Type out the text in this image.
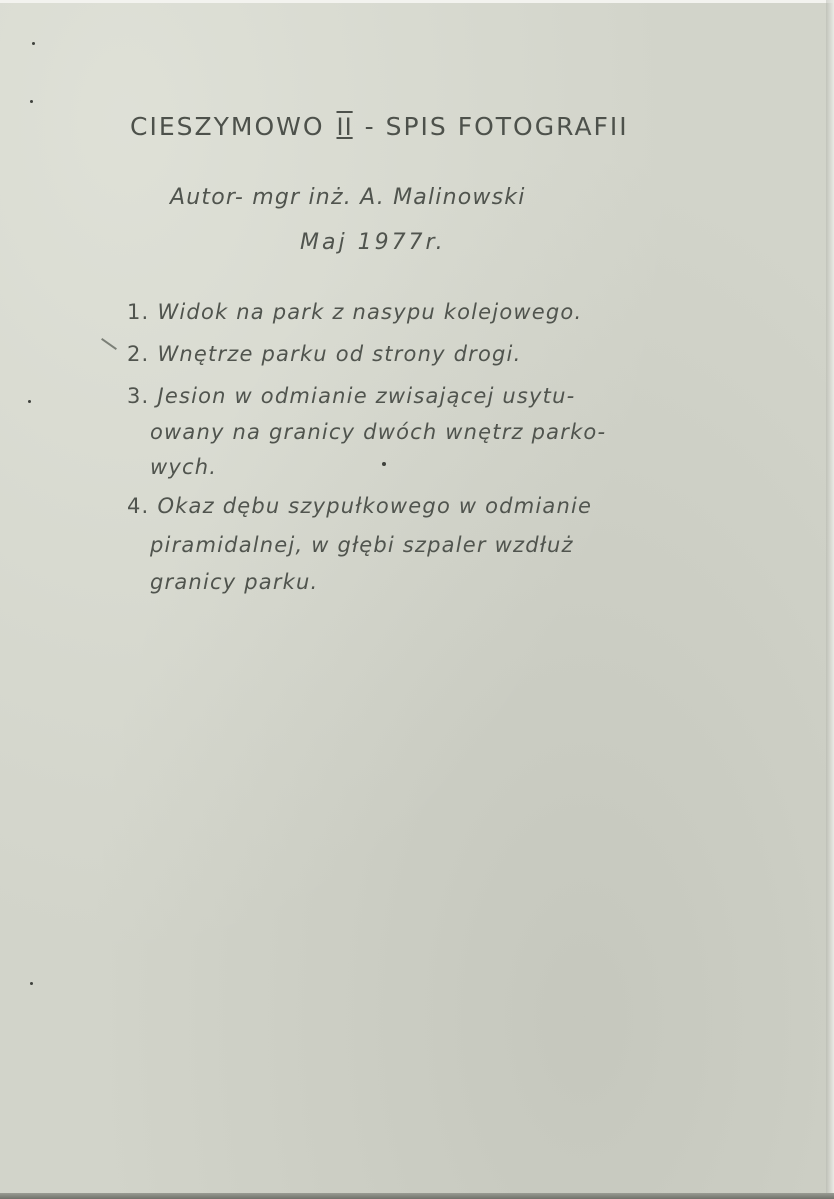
CIESZYMOWO II - SPIS FOTOGRAFII
Autor- mgr inż. A. Malinowski
Maj 1977r.
1. Widok na park z nasypu kolejowego.
2. Wnętrze parku od strony drogi.
3. Jesion w odmianie zwisającej usytu-
owany na granicy dwóch wnętrz parko-
wych.
4. Okaz dębu szypułkowego w odmianie
piramidalnej, w głębi szpaler wzdłuż
granicy parku.
